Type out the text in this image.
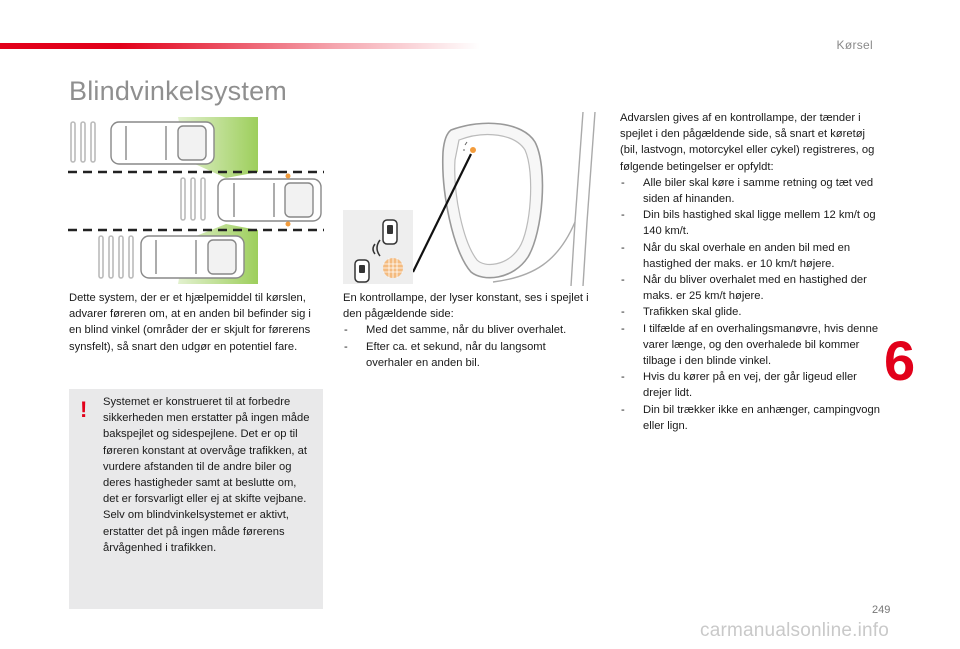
Kørsel
Blindvinkelsystem

Dette system, der er et hjælpemiddel til kørslen, advarer føreren om, at en anden bil befinder sig i en blind vinkel (områder der er skjult for førerens synsfelt), så snart den udgør en potentiel fare.

! Systemet er konstrueret til at forbedre sikkerheden men erstatter på ingen måde bakspejlet og sidespejlene. Det er op til føreren konstant at overvåge trafikken, at vurdere afstanden til de andre biler og deres hastigheder samt at beslutte om, det er forsvarligt eller ej at skifte vejbane.
Selv om blindvinkelsystemet er aktivt, erstatter det på ingen måde førerens årvågenhed i trafikken.
En kontrollampe, der lyser konstant, ses i spejlet i den pågældende side:
- Med det samme, når du bliver overhalet.
- Efter ca. et sekund, når du langsomt overhaler en anden bil.
Advarslen gives af en kontrollampe, der tænder i spejlet i den pågældende side, så snart et køretøj (bil, lastvogn, motorcykel eller cykel) registreres, og følgende betingelser er opfyldt:
- Alle biler skal køre i samme retning og tæt ved siden af hinanden.
- Din bils hastighed skal ligge mellem 12 km/t og 140 km/t.
- Når du skal overhale en anden bil med en hastighed der maks. er 10 km/t højere.
- Når du bliver overhalet med en hastighed der maks. er 25 km/t højere.
- Trafikken skal glide.
- I tilfælde af en overhalingsmanøvre, hvis denne varer længe, og den overhalede bil kommer tilbage i den blinde vinkel.
- Hvis du kører på en vej, der går ligeud eller drejer lidt.
- Din bil trækker ikke en anhænger, campingvogn eller lign.
6
249
carmanualsonline.info
